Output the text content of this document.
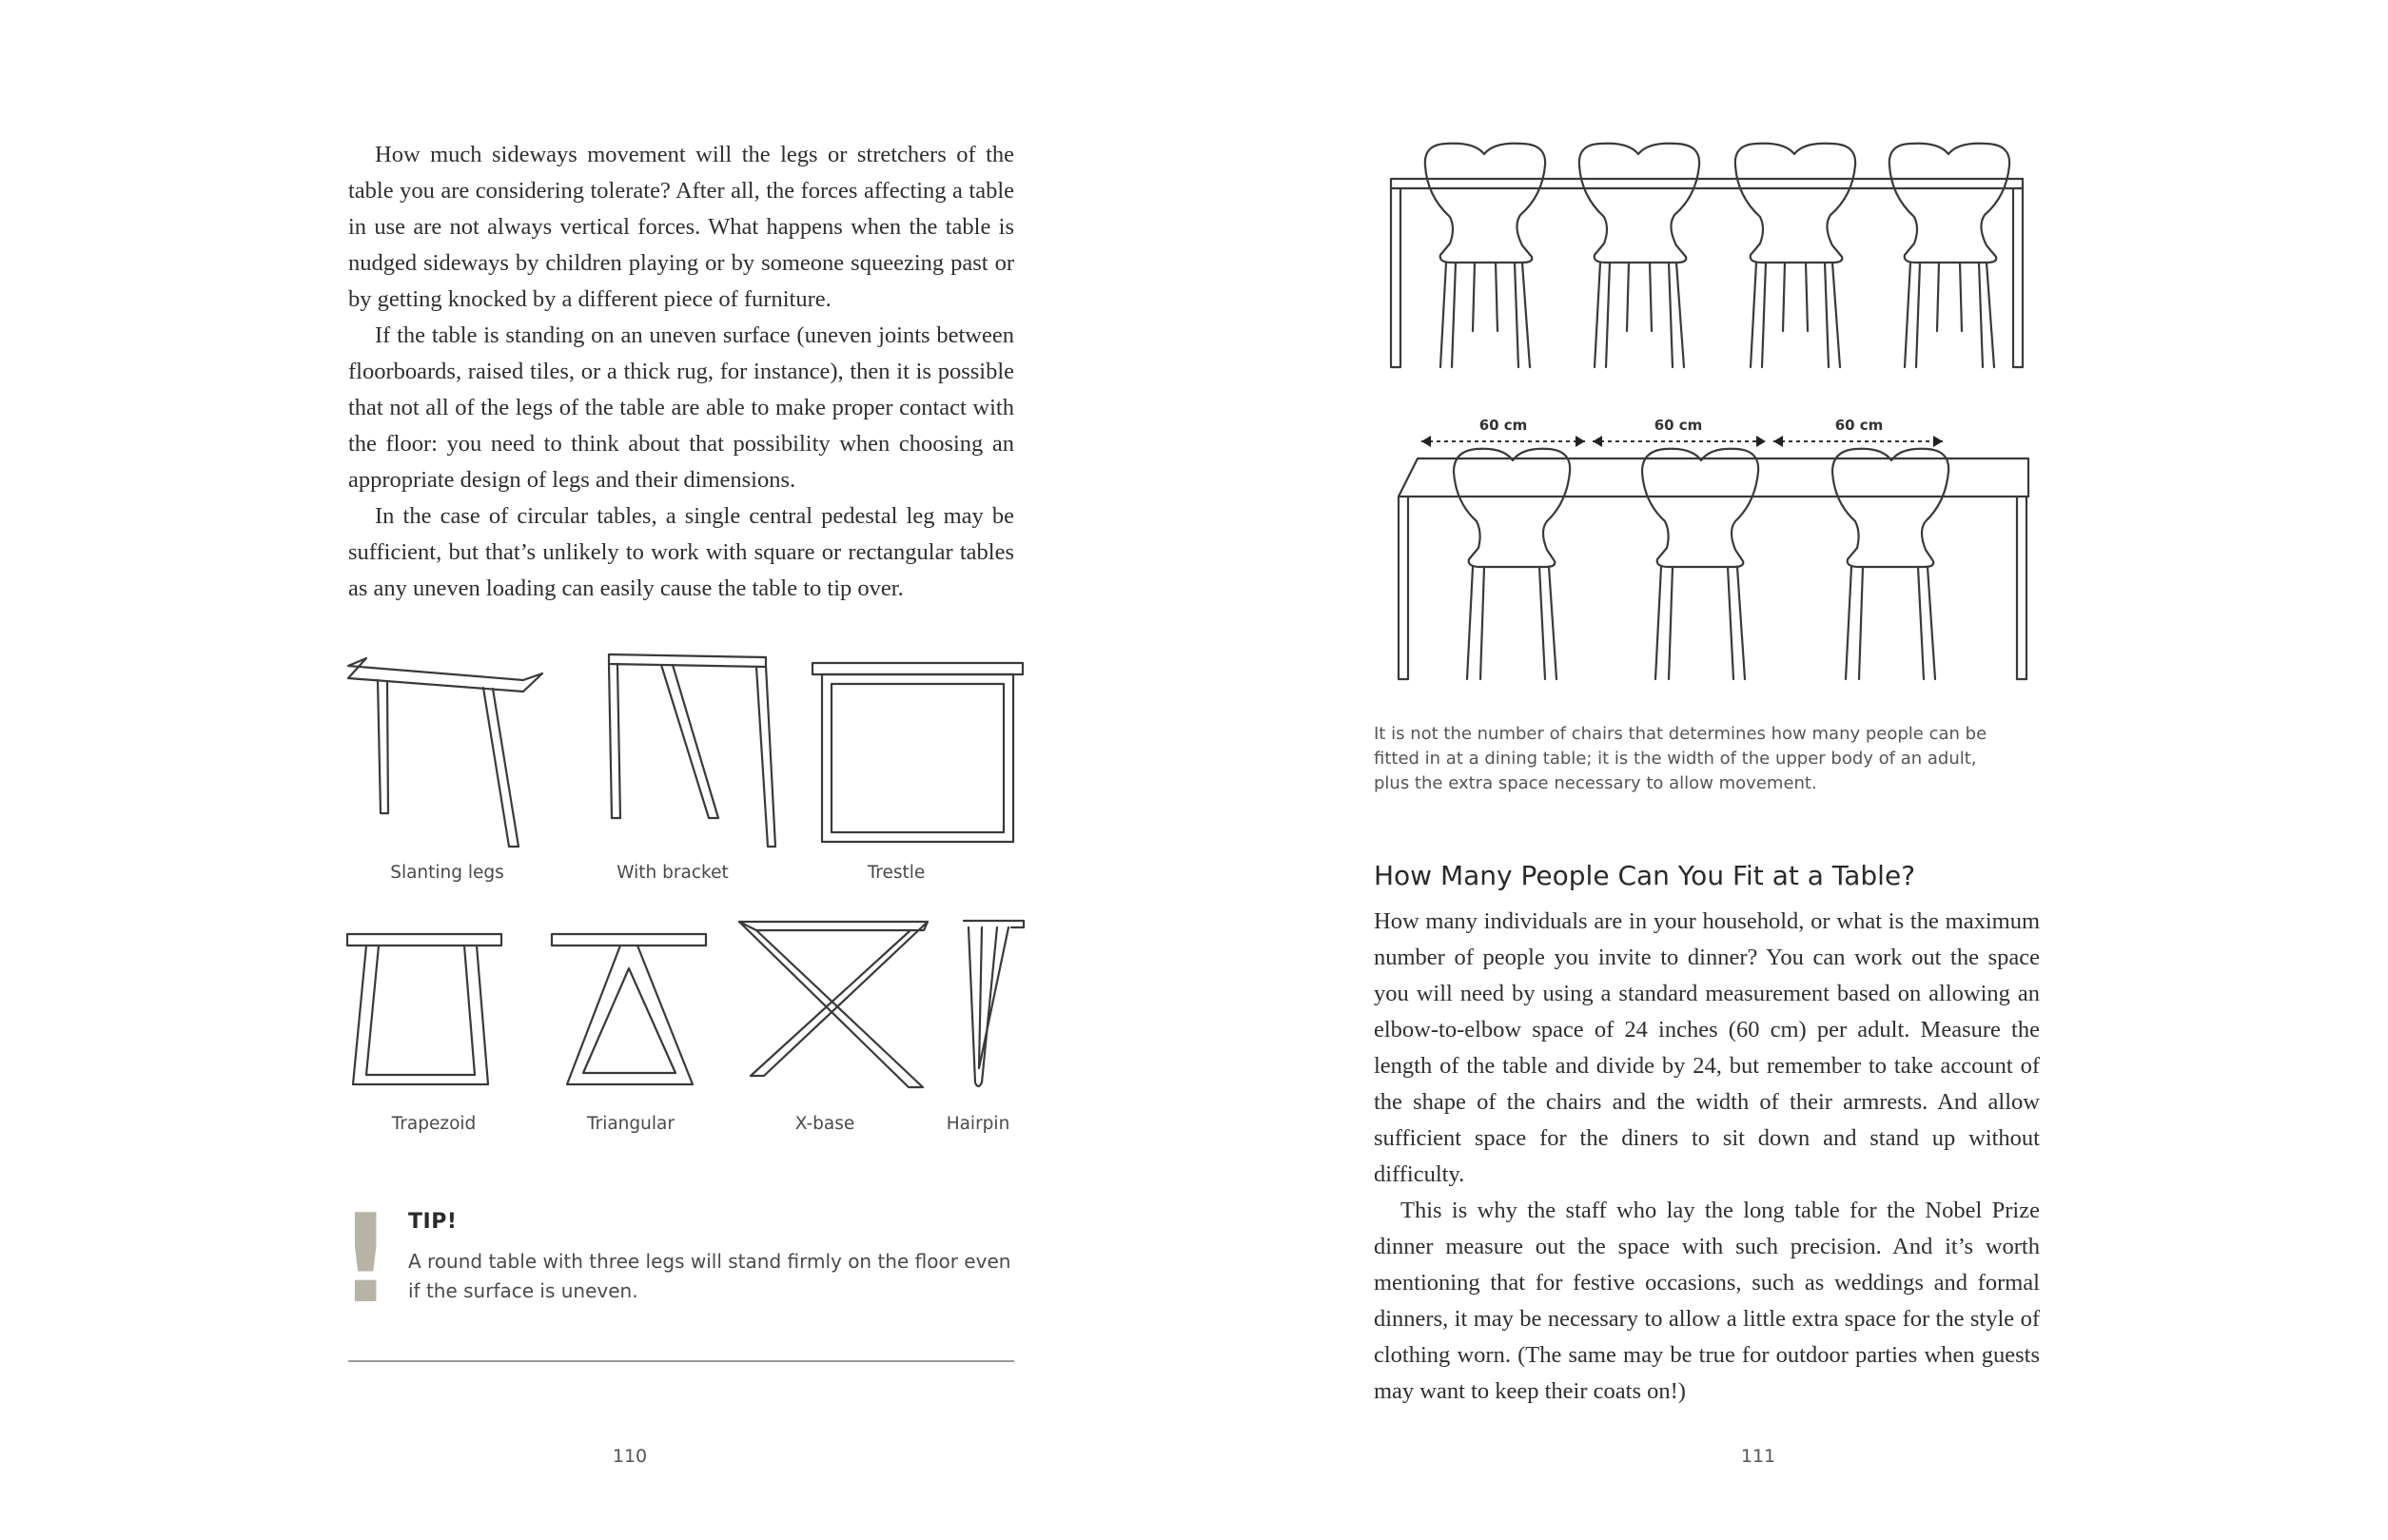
How much sideways movement will the legs or stretchers of the table you are considering tolerate? After all, the forces affecting a table in use are not always vertical forces. What happens when the table is nudged sideways by children playing or by someone squeezing past or by getting knocked by a different piece of furniture.

If the table is standing on an uneven surface (uneven joints between floorboards, raised tiles, or a thick rug, for instance), then it is possible that not all of the legs of the table are able to make proper contact with the floor: you need to think about that possibility when choosing an appropriate design of legs and their dimensions.

In the case of circular tables, a single central pedestal leg may be sufficient, but that’s unlikely to work with square or rectangular tables as any uneven loading can easily cause the table to tip over.

Slanting legs	With bracket	Trestle
Trapezoid	Triangular	X-base	Hairpin
! TIP!
A round table with three legs will stand firmly on the floor even if the surface is uneven.
110
60 cm	60 cm	60 cm
It is not the number of chairs that determines how many people can be fitted in at a dining table; it is the width of the upper body of an adult, plus the extra space necessary to allow movement.
How Many People Can You Fit at a Table?

How many individuals are in your household, or what is the maximum number of people you invite to dinner? You can work out the space you will need by using a standard measurement based on allowing an elbow-to-elbow space of 24 inches (60 cm) per adult. Measure the length of the table and divide by 24, but remember to take account of the shape of the chairs and the width of their armrests. And allow sufficient space for the diners to sit down and stand up without difficulty.

This is why the staff who lay the long table for the Nobel Prize dinner measure out the space with such precision. And it’s worth mentioning that for festive occasions, such as weddings and formal dinners, it may be necessary to allow a little extra space for the style of clothing worn. (The same may be true for outdoor parties when guests may want to keep their coats on!)

111
